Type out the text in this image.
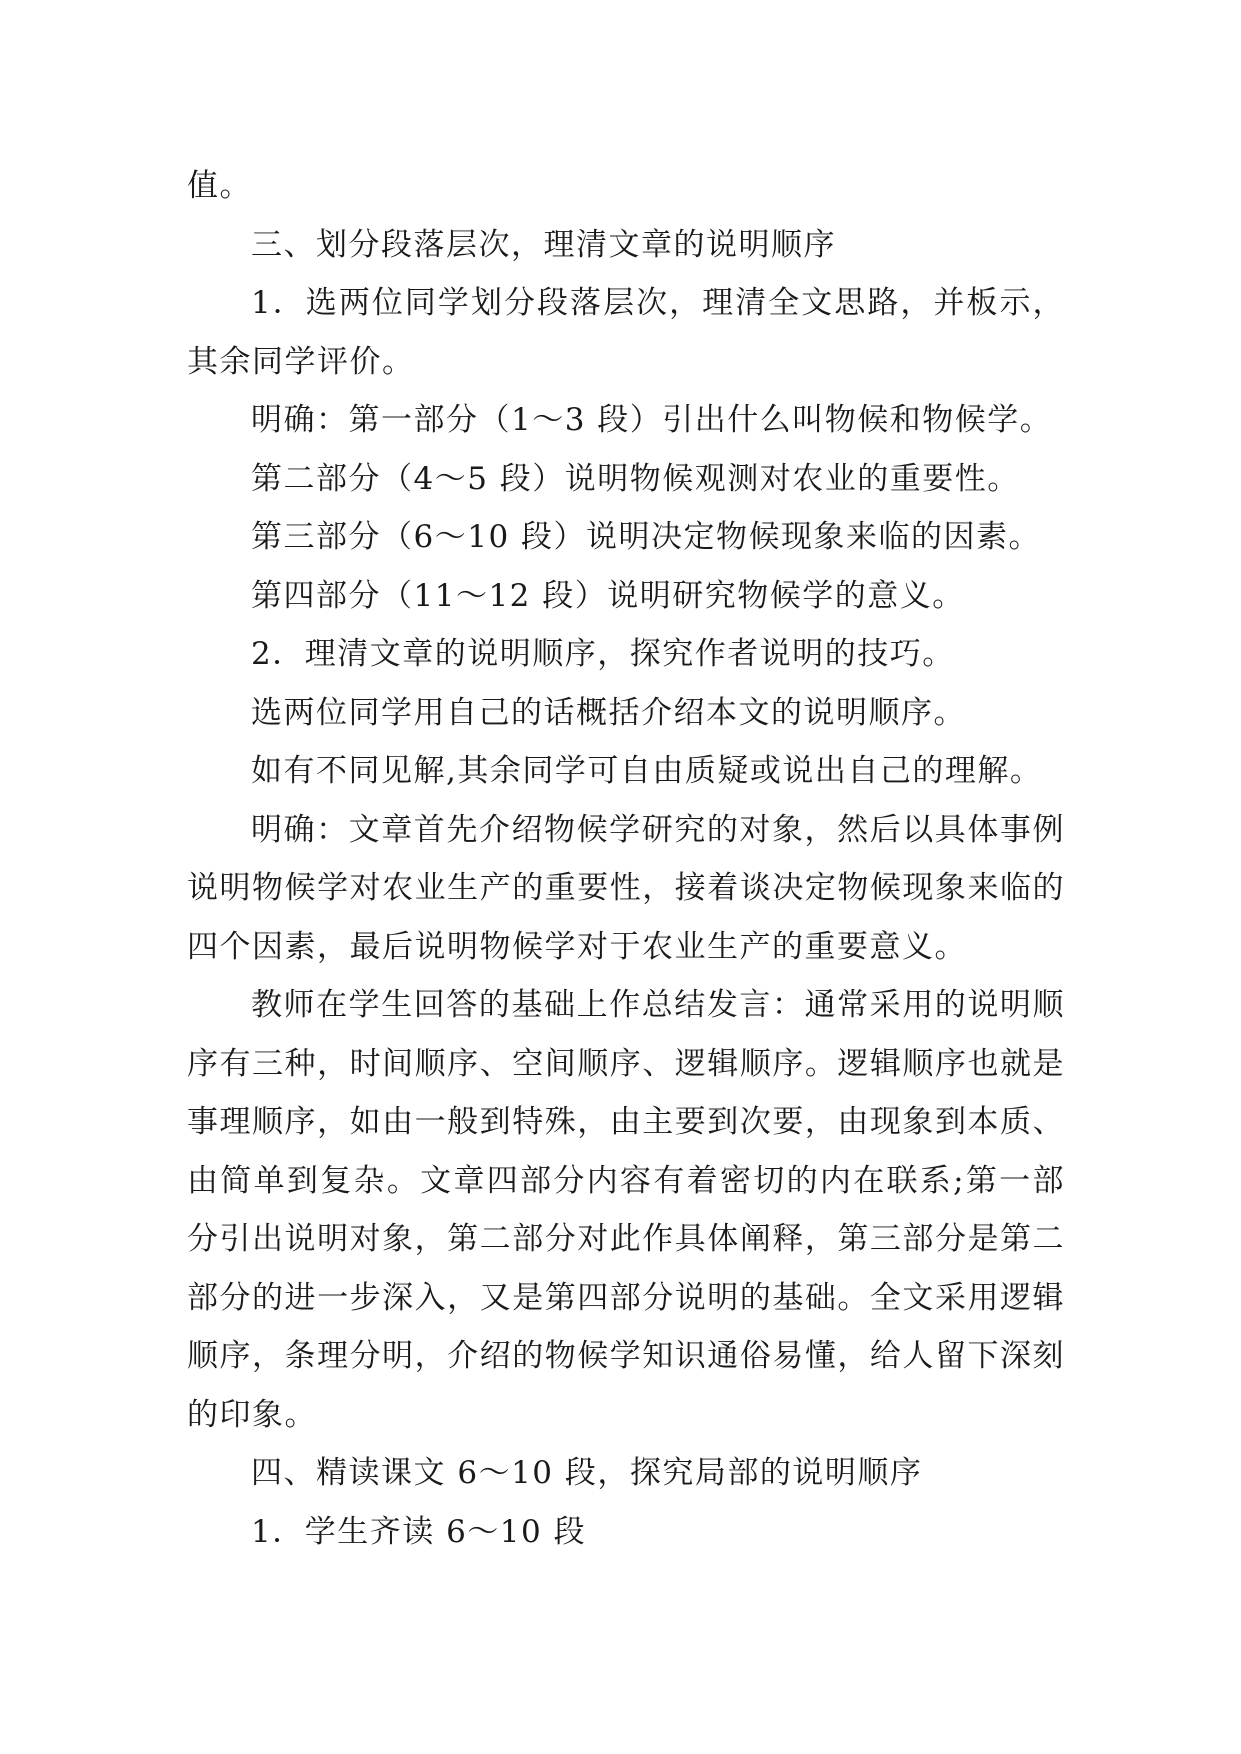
值。

三、划分段落层次，理清文章的说明顺序

1．选两位同学划分段落层次，理清全文思路，并板示，其余同学评价。

明确：第一部分（1～3 段）引出什么叫物候和物候学。

第二部分（4～5 段）说明物候观测对农业的重要性。

第三部分（6～10 段）说明决定物候现象来临的因素。

第四部分（11～12 段）说明研究物候学的意义。

2．理清文章的说明顺序，探究作者说明的技巧。

选两位同学用自己的话概括介绍本文的说明顺序。

如有不同见解,其余同学可自由质疑或说出自己的理解。

明确：文章首先介绍物候学研究的对象，然后以具体事例说明物候学对农业生产的重要性，接着谈决定物候现象来临的四个因素，最后说明物候学对于农业生产的重要意义。

教师在学生回答的基础上作总结发言：通常采用的说明顺序有三种，时间顺序、空间顺序、逻辑顺序。逻辑顺序也就是事理顺序，如由一般到特殊，由主要到次要，由现象到本质、由简单到复杂。文章四部分内容有着密切的内在联系;第一部分引出说明对象，第二部分对此作具体阐释，第三部分是第二部分的进一步深入，又是第四部分说明的基础。全文采用逻辑顺序，条理分明，介绍的物候学知识通俗易懂，给人留下深刻的印象。

四、精读课文 6～10 段，探究局部的说明顺序

1．学生齐读 6～10 段
